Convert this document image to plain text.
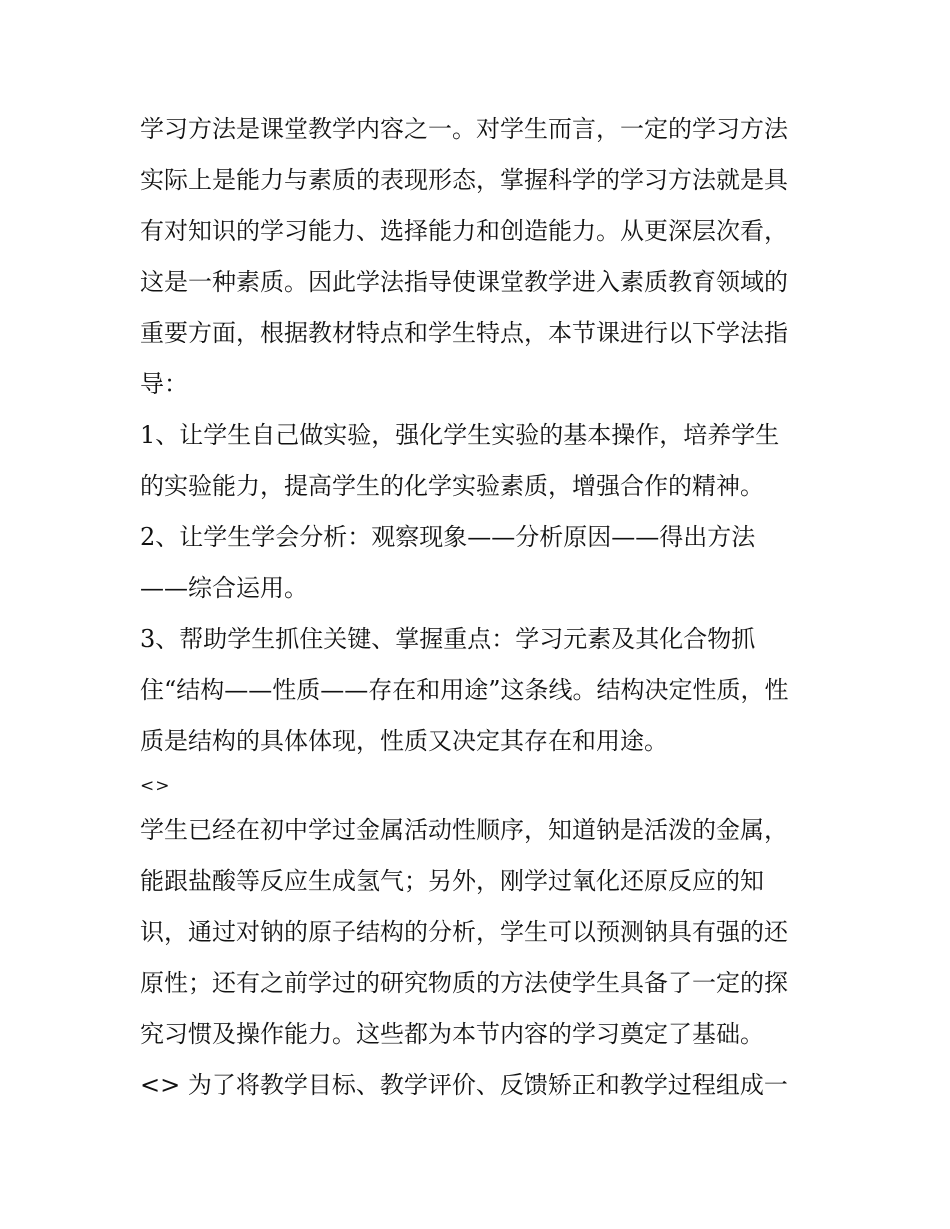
学习方法是课堂教学内容之一。对学生而言，一定的学习方法
实际上是能力与素质的表现形态，掌握科学的学习方法就是具
有对知识的学习能力、选择能力和创造能力。从更深层次看，
这是一种素质。因此学法指导使课堂教学进入素质教育领域的
重要方面，根据教材特点和学生特点，本节课进行以下学法指
导：
1、让学生自己做实验，强化学生实验的基本操作，培养学生
的实验能力，提高学生的化学实验素质，增强合作的精神。
2、让学生学会分析：观察现象——分析原因——得出方法
——综合运用。
3、帮助学生抓住关键、掌握重点：学习元素及其化合物抓
住“结构——性质——存在和用途”这条线。结构决定性质，性
质是结构的具体体现，性质又决定其存在和用途。
<>
学生已经在初中学过金属活动性顺序，知道钠是活泼的金属，
能跟盐酸等反应生成氢气；另外，刚学过氧化还原反应的知
识，通过对钠的原子结构的分析，学生可以预测钠具有强的还
原性；还有之前学过的研究物质的方法使学生具备了一定的探
究习惯及操作能力。这些都为本节内容的学习奠定了基础。
<> 为了将教学目标、教学评价、反馈矫正和教学过程组成一
